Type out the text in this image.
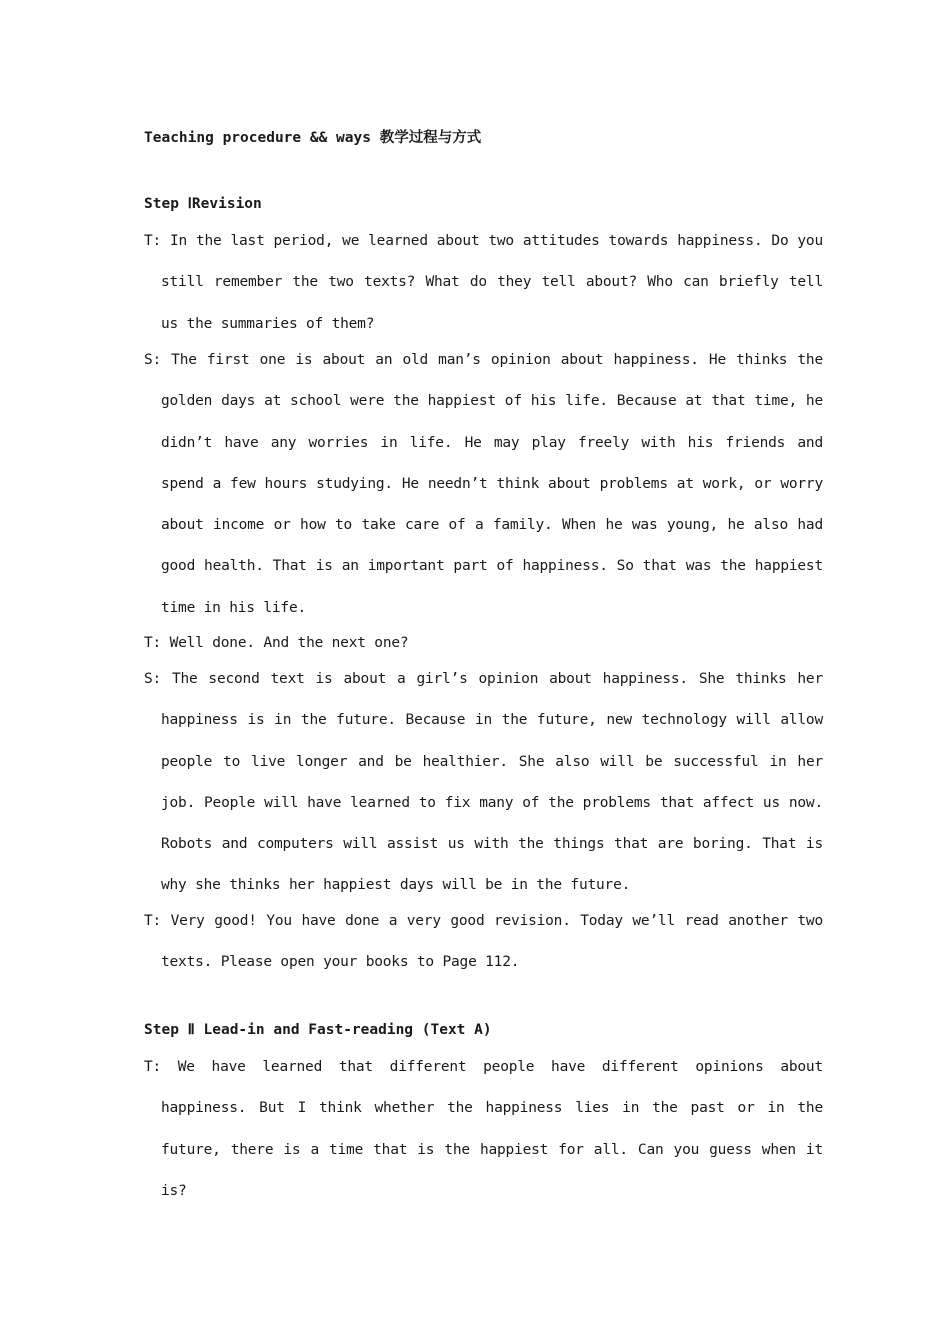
Teaching procedure && ways 教学过程与方式

Step ⅠRevision

T: In the last period, we learned about two attitudes towards happiness. Do you still remember the two texts? What do they tell about? Who can briefly tell us the summaries of them?

S: The first one is about an old man’s opinion about happiness. He thinks the golden days at school were the happiest of his life. Because at that time, he didn’t have any worries in life. He may play freely with his friends and spend a few hours studying. He needn’t think about problems at work, or worry about income or how to take care of a family. When he was young, he also had good health. That is an important part of happiness. So that was the happiest time in his life.

T: Well done. And the next one?

S: The second text is about a girl’s opinion about happiness. She thinks her happiness is in the future. Because in the future, new technology will allow people to live longer and be healthier. She also will be successful in her job. People will have learned to fix many of the problems that affect us now. Robots and computers will assist us with the things that are boring. That is why she thinks her happiest days will be in the future.

T: Very good! You have done a very good revision. Today we’ll read another two texts. Please open your books to Page 112.

Step Ⅱ Lead-in and Fast-reading (Text A)

T: We have learned that different people have different opinions about happiness. But I think whether the happiness lies in the past or in the future, there is a time that is the happiest for all. Can you guess when it is?
